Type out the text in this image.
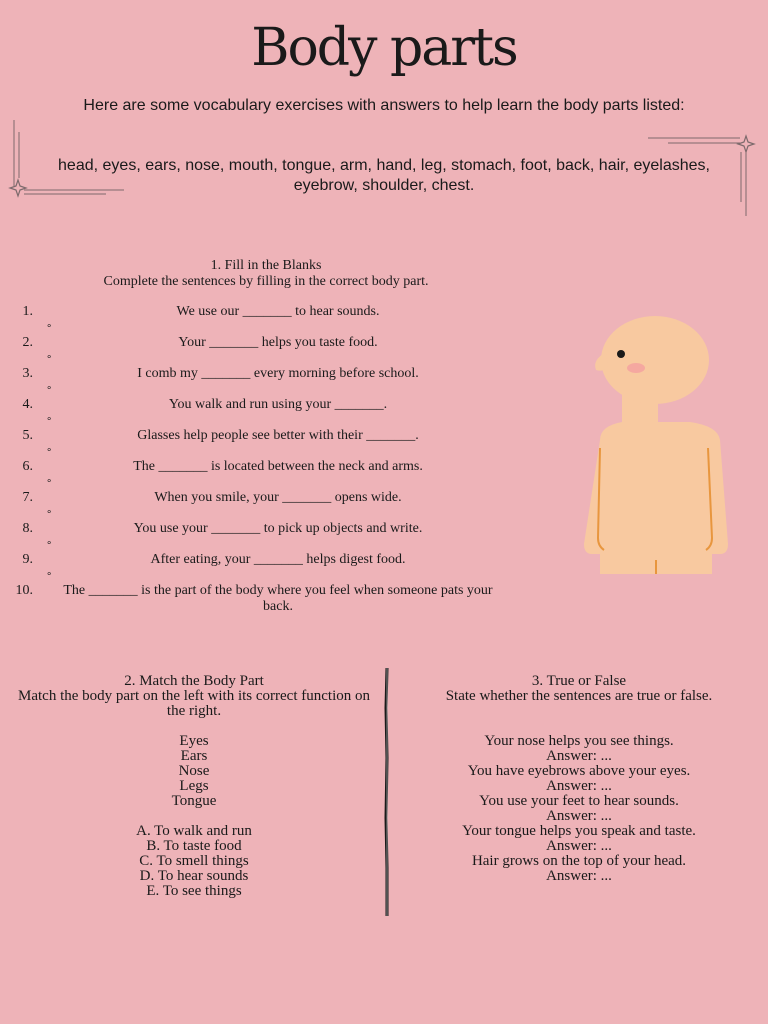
Body parts

Here are some vocabulary exercises with answers to help learn the body parts listed:

head, eyes, ears, nose, mouth, tongue, arm, hand, leg, stomach, foot, back, hair, eyelashes, eyebrow, shoulder, chest.

1. Fill in the Blanks
Complete the sentences by filling in the correct body part.
1.	We use our _______ to hear sounds.
∘
2.	Your _______ helps you taste food.
∘
3.	I comb my _______ every morning before school.
∘
4.	You walk and run using your _______.
∘
5.	Glasses help people see better with their _______.
∘
6.	The _______ is located between the neck and arms.
∘
7.	When you smile, your _______ opens wide.
∘
8.	You use your _______ to pick up objects and write.
∘
9.	After eating, your _______ helps digest food.
∘
10.	The _______ is the part of the body where you feel when someone pats your back.
2. Match the Body Part
Match the body part on the left with its correct function on the right.
Eyes
Ears
Nose
Legs
Tongue
A. To walk and run
B. To taste food
C. To smell things
D. To hear sounds
E. To see things
3. True or False
State whether the sentences are true or false.
Your nose helps you see things.
Answer: ...
You have eyebrows above your eyes.
Answer: ...
You use your feet to hear sounds.
Answer: ...
Your tongue helps you speak and taste.
Answer: ...
Hair grows on the top of your head.
Answer: ...
